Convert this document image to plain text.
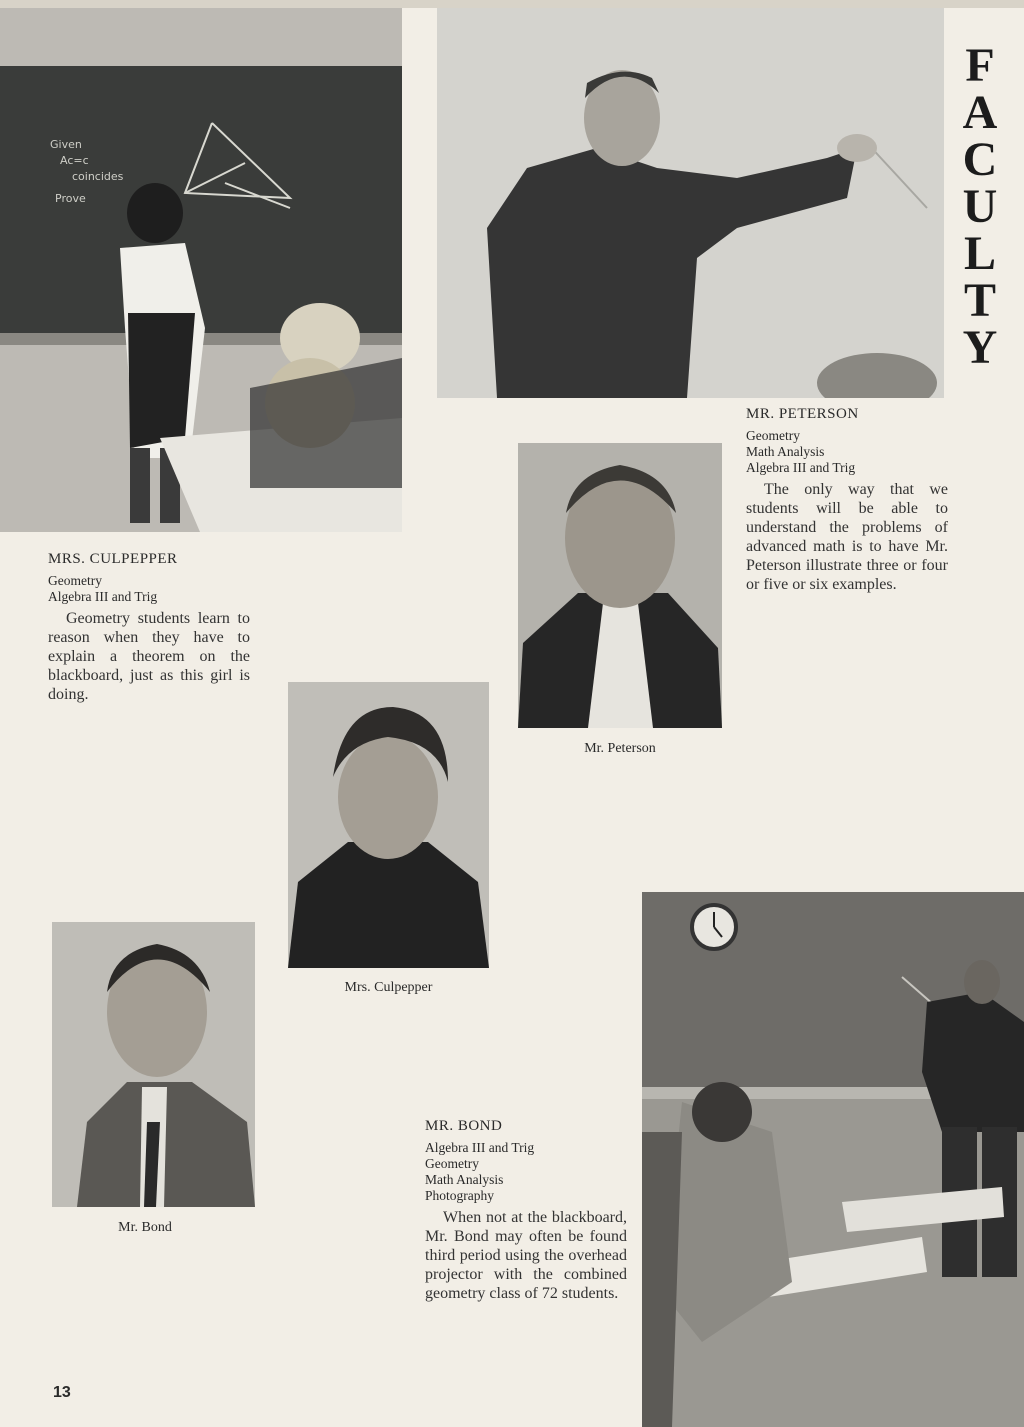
Given
Ac=c
coincides
Prove
F
A
C
U
L
T
Y
MR. PETERSON
Geometry
Math Analysis
Algebra III and Trig
The only way that we students will be able to understand the problems of advanced math is to have Mr. Peterson illustrate three or four or five or six examples.
Mr. Peterson
MRS. CULPEPPER
Geometry
Algebra III and Trig
Geometry students learn to reason when they have to explain a theorem on the blackboard, just as this girl is doing.
Mrs. Culpepper
Mr. Bond
MR. BOND
Algebra III and Trig
Geometry
Math Analysis
Photography
When not at the blackboard, Mr. Bond may often be found third period using the overhead projector with the combined geometry class of 72 students.
13
